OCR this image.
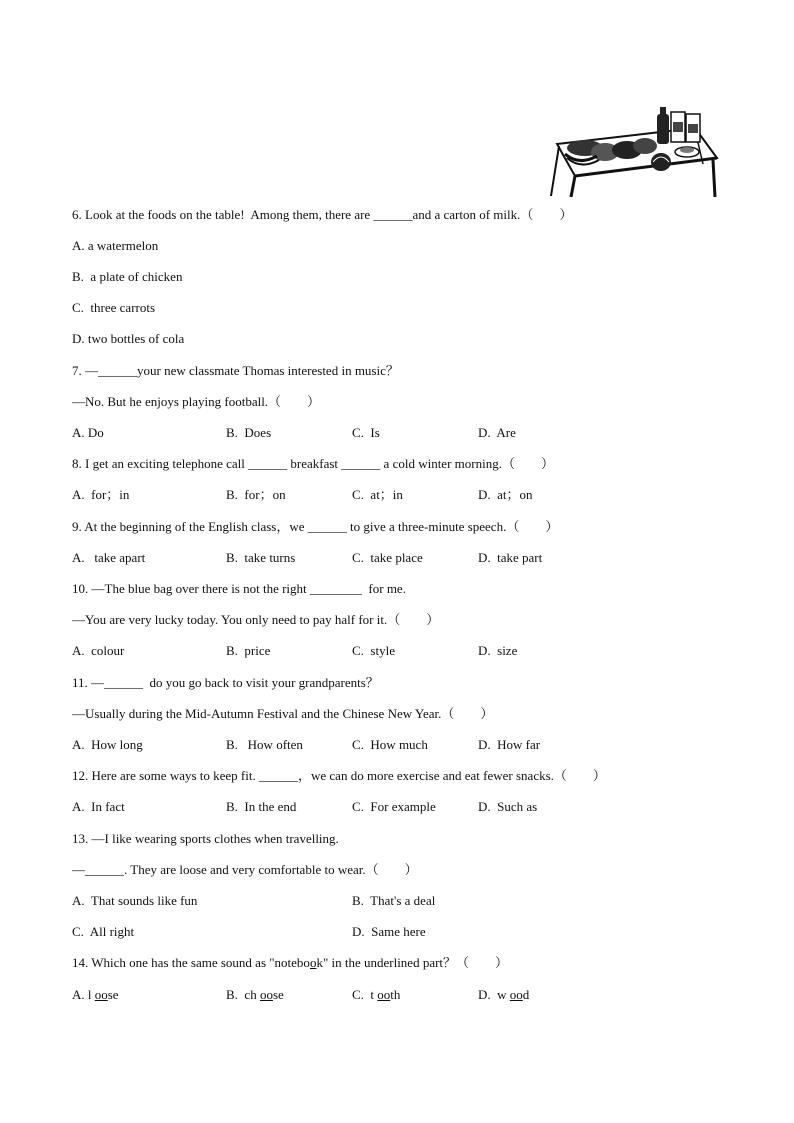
6. Look at the foods on the table!  Among them, there are ______and a carton of milk.（        ）
A. a watermelon
B.  a plate of chicken
C.  three carrots
D. two bottles of cola
7. —______your new classmate Thomas interested in music？
—No. But he enjoys playing football.（        ）
A. Do	B.  Does	C.  Is	D.  Are
8. I get an exciting telephone call ______ breakfast ______ a cold winter morning.（        ）
A.  for；in	B.  for；on	C.  at；in	D.  at；on
9. At the beginning of the English class，we ______ to give a three-minute speech.（        ）
A.   take apart	B.  take turns	C.  take place	D.  take part
10. —The blue bag over there is not the right ________  for me.
—You are very lucky today. You only need to pay half for it.（        ）
A.  colour	B.  price	C.  style	D.  size
11. —______  do you go back to visit your grandparents？
—Usually during the Mid-Autumn Festival and the Chinese New Year.（        ）
A.  How long	B.   How often	C.  How much	D.  How far
12. Here are some ways to keep fit. ______，we can do more exercise and eat fewer snacks.（        ）
A.  In fact	B.  In the end	C.  For example	D.  Such as
13. —I like wearing sports clothes when travelling.
—______. They are loose and very comfortable to wear.（        ）
A.  That sounds like fun	B.  That's a deal
C.  All right	D.  Same here
14. Which one has the same sound as "notebook" in the underlined part？（        ）
A. l oose	B.  ch oose	C.  t ooth	D.  w ood
